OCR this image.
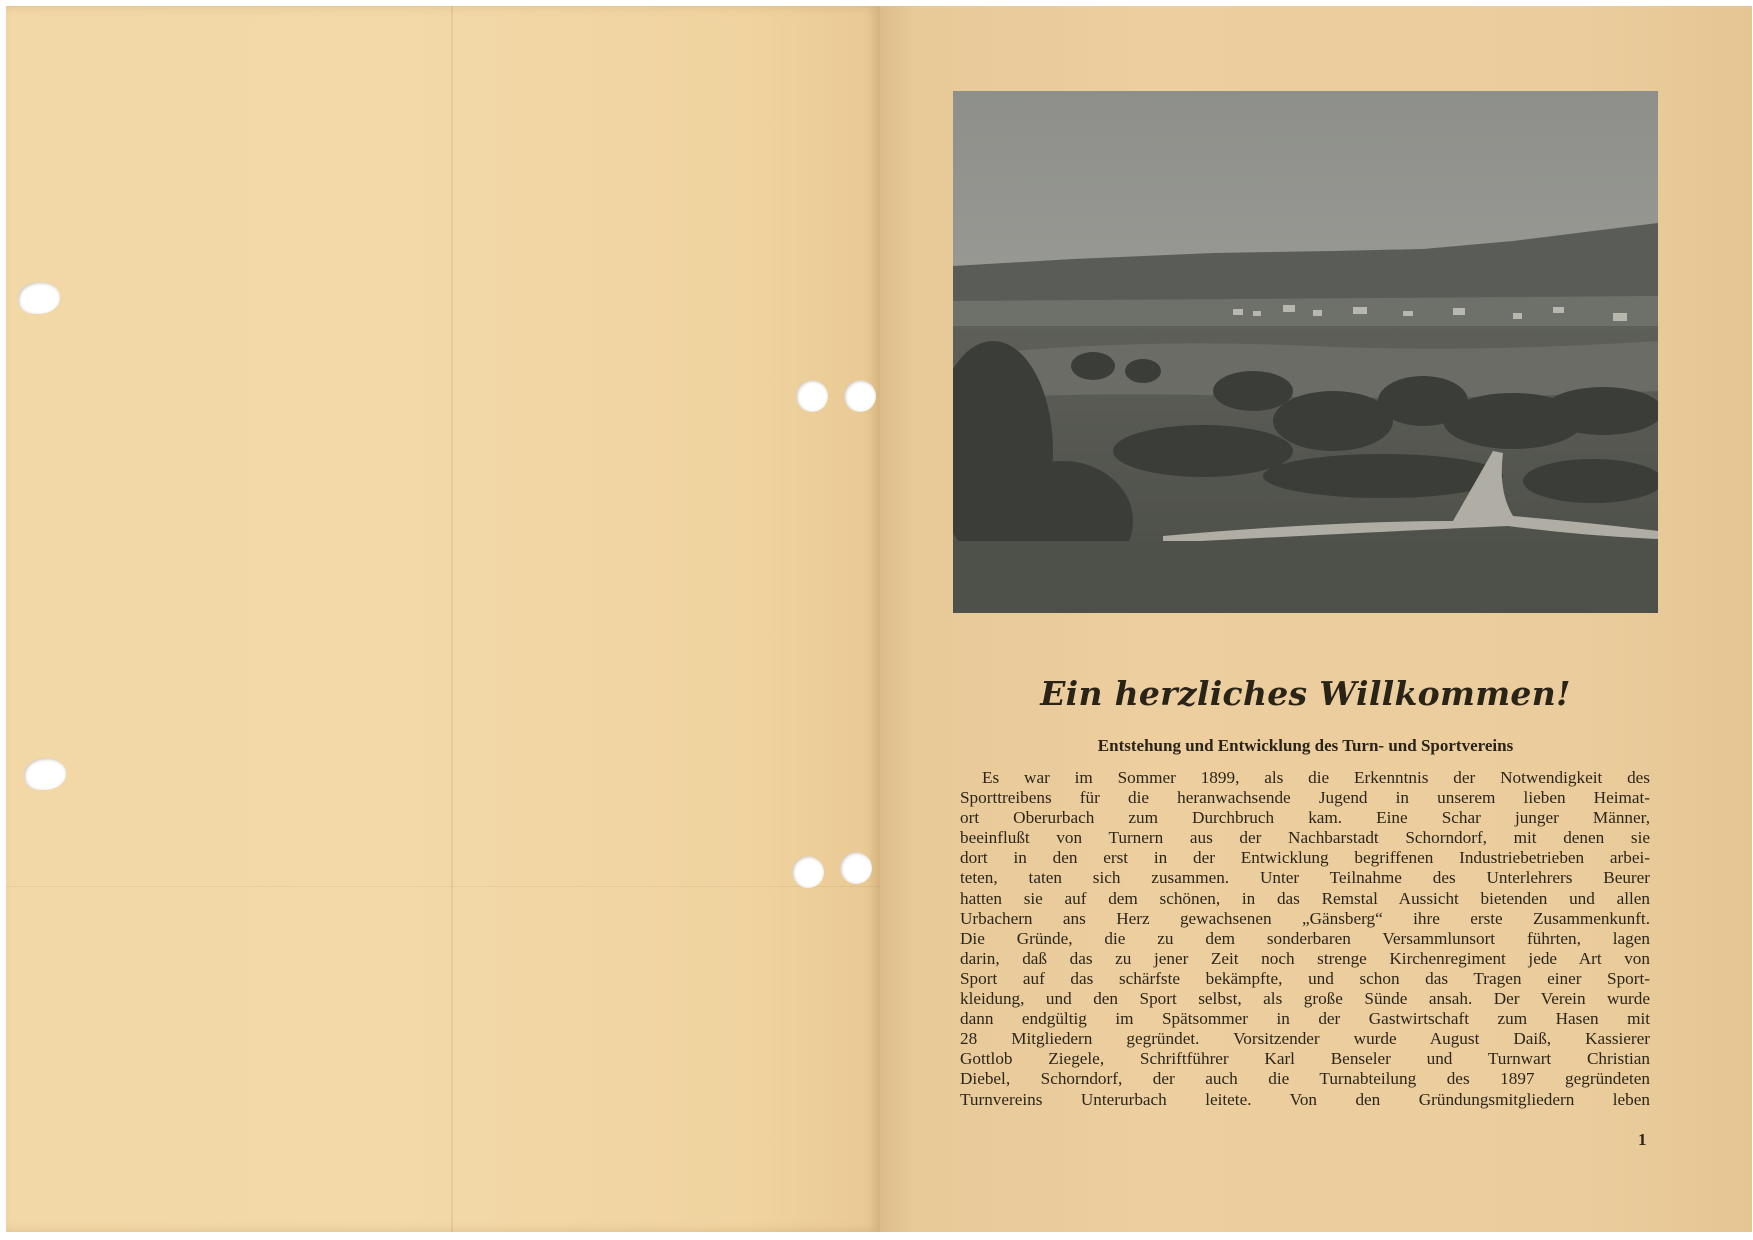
Ein herzliches Willkommen!
Entstehung und Entwicklung des Turn- und Sportvereins
Es war im Sommer 1899, als die Erkenntnis der Notwendigkeit des
Sporttreibens für die heranwachsende Jugend in unserem lieben Heimat-
ort Oberurbach zum Durchbruch kam. Eine Schar junger Männer,
beeinflußt von Turnern aus der Nachbarstadt Schorndorf, mit denen sie
dort in den erst in der Entwicklung begriffenen Industriebetrieben arbei-
teten, taten sich zusammen. Unter Teilnahme des Unterlehrers Beurer
hatten sie auf dem schönen, in das Remstal Aussicht bietenden und allen
Urbachern ans Herz gewachsenen „Gänsberg“ ihre erste Zusammenkunft.
Die Gründe, die zu dem sonderbaren Versammlunsort führten, lagen
darin, daß das zu jener Zeit noch strenge Kirchenregiment jede Art von
Sport auf das schärfste bekämpfte, und schon das Tragen einer Sport-
kleidung, und den Sport selbst, als große Sünde ansah. Der Verein wurde
dann endgültig im Spätsommer in der Gastwirtschaft zum Hasen mit
28 Mitgliedern gegründet. Vorsitzender wurde August Daiß, Kassierer
Gottlob Ziegele, Schriftführer Karl Benseler und Turnwart Christian
Diebel, Schorndorf, der auch die Turnabteilung des 1897 gegründeten
Turnvereins Unterurbach leitete. Von den Gründungsmitgliedern leben
1
